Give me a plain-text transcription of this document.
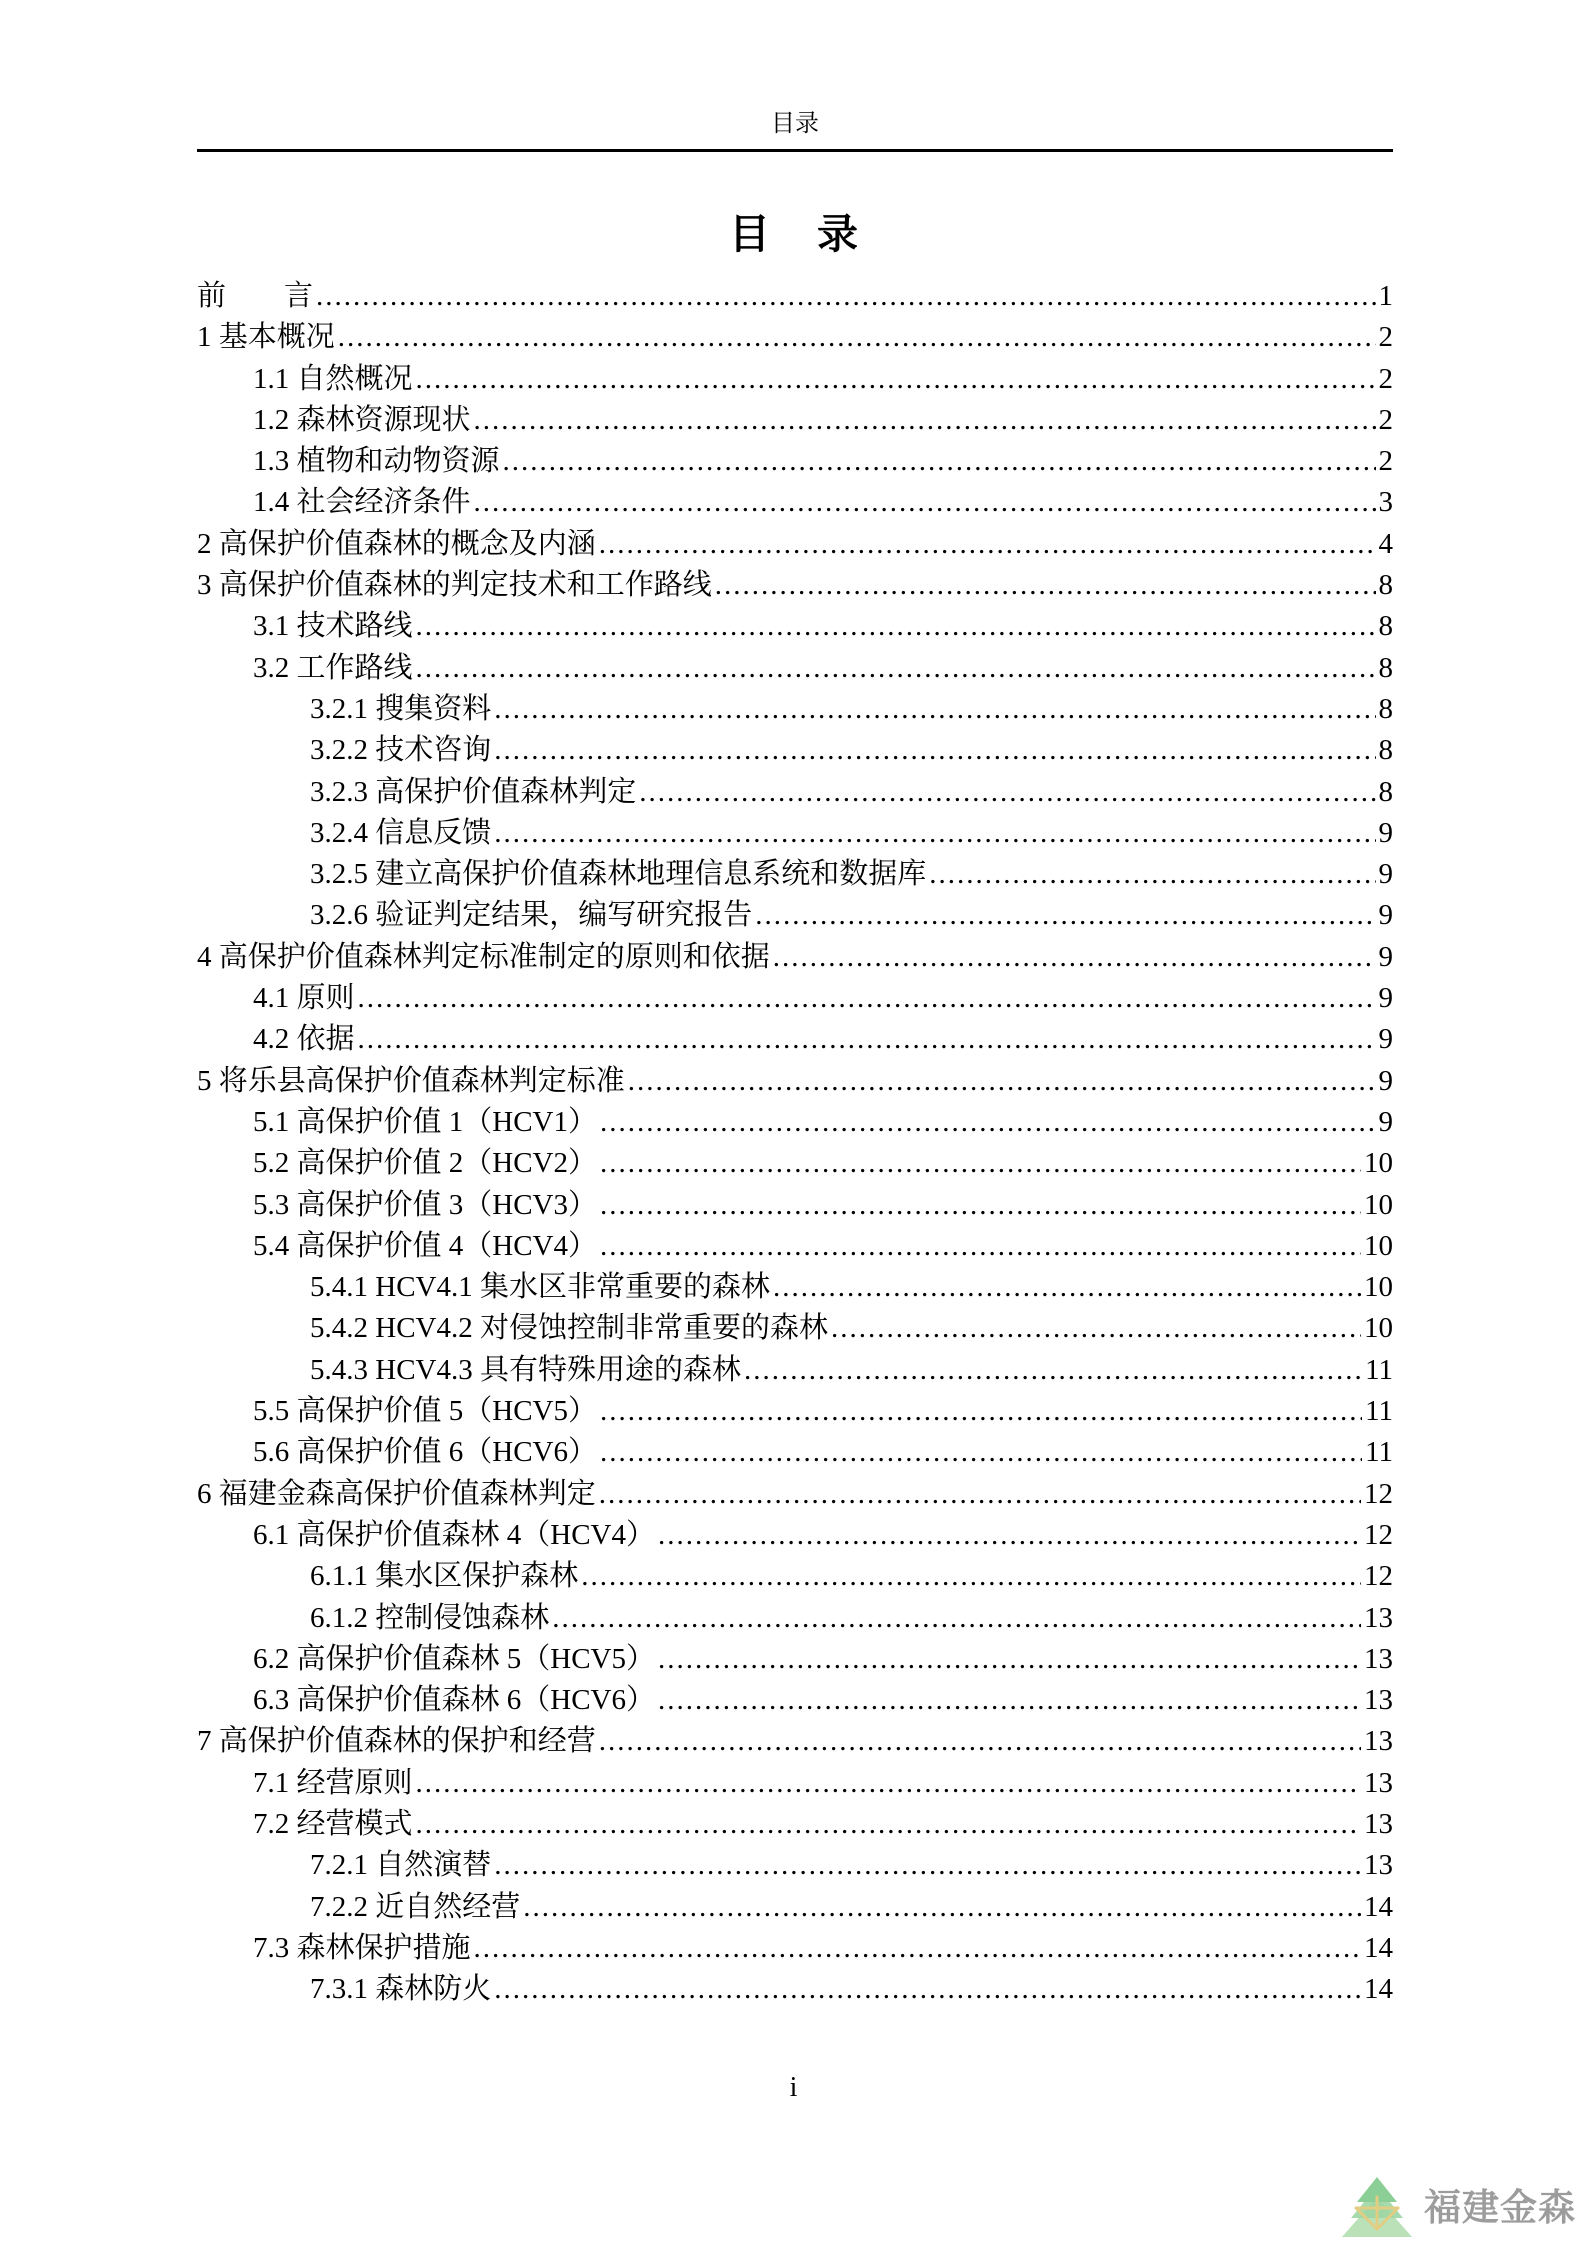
目录
目　录
前　　言 .....	1
1 基本概况 .....	2
1.1 自然概况 .....	2
1.2 森林资源现状 .....	2
1.3 植物和动物资源 .....	2
1.4 社会经济条件 .....	3
2 高保护价值森林的概念及内涵 .....	4
3 高保护价值森林的判定技术和工作路线 .....	8
3.1 技术路线 .....	8
3.2 工作路线 .....	8
3.2.1 搜集资料 .....	8
3.2.2 技术咨询 .....	8
3.2.3 高保护价值森林判定 .....	8
3.2.4 信息反馈 .....	9
3.2.5 建立高保护价值森林地理信息系统和数据库 .....	9
3.2.6 验证判定结果，编写研究报告 .....	9
4 高保护价值森林判定标准制定的原则和依据 .....	9
4.1 原则 .....	9
4.2 依据 .....	9
5 将乐县高保护价值森林判定标准 .....	9
5.1 高保护价值 1（HCV1） .....	9
5.2 高保护价值 2（HCV2） .....	10
5.3 高保护价值 3（HCV3） .....	10
5.4 高保护价值 4（HCV4） .....	10
5.4.1 HCV4.1 集水区非常重要的森林 .....	10
5.4.2 HCV4.2 对侵蚀控制非常重要的森林 .....	10
5.4.3 HCV4.3 具有特殊用途的森林 .....	11
5.5 高保护价值 5（HCV5） .....	11
5.6 高保护价值 6（HCV6） .....	11
6 福建金森高保护价值森林判定 .....	12
6.1 高保护价值森林 4（HCV4） .....	12
6.1.1 集水区保护森林 .....	12
6.1.2 控制侵蚀森林 .....	13
6.2 高保护价值森林 5（HCV5） .....	13
6.3 高保护价值森林 6（HCV6） .....	13
7 高保护价值森林的保护和经营 .....	13
7.1 经营原则 .....	13
7.2 经营模式 .....	13
7.2.1 自然演替 .....	13
7.2.2 近自然经营 .....	14
7.3 森林保护措施 .....	14
7.3.1 森林防火 .....	14
i
福建金森
